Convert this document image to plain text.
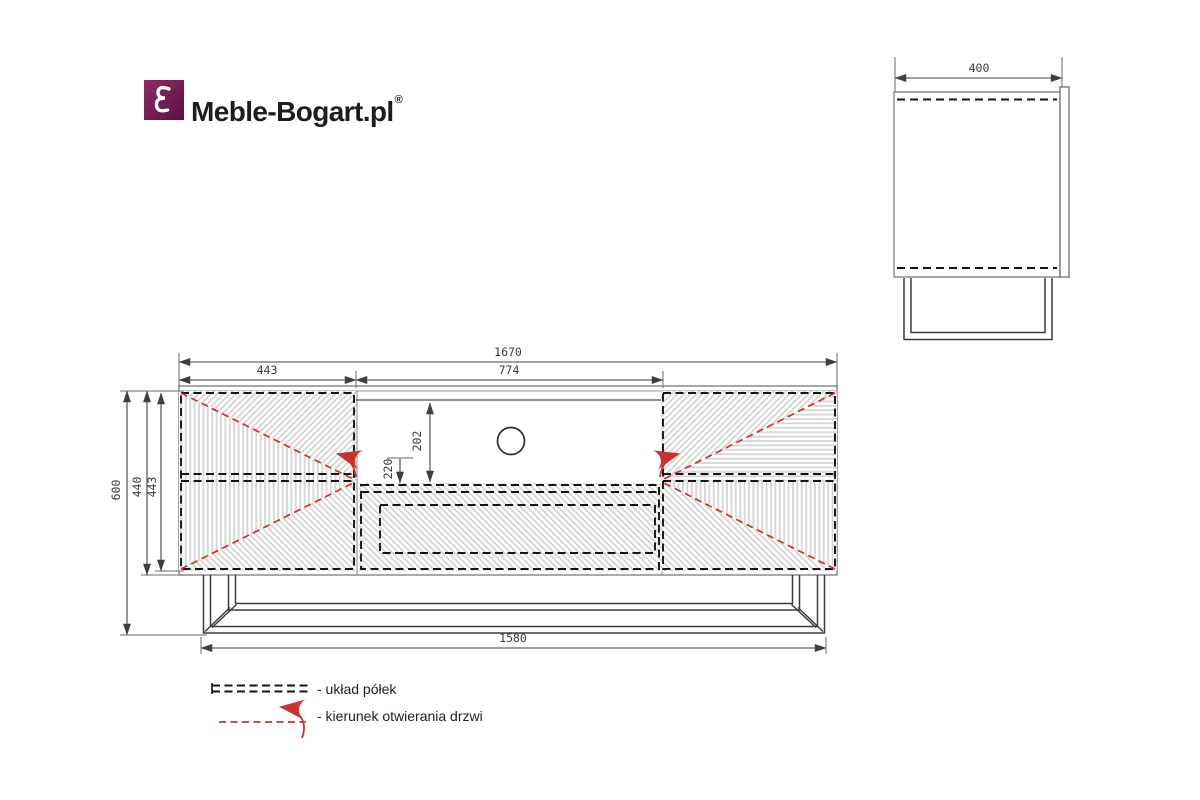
Meble-Bogart.pl®
400
1670
443	774
600 440 443
202
220
1580
- układ półek
- kierunek otwierania drzwi
